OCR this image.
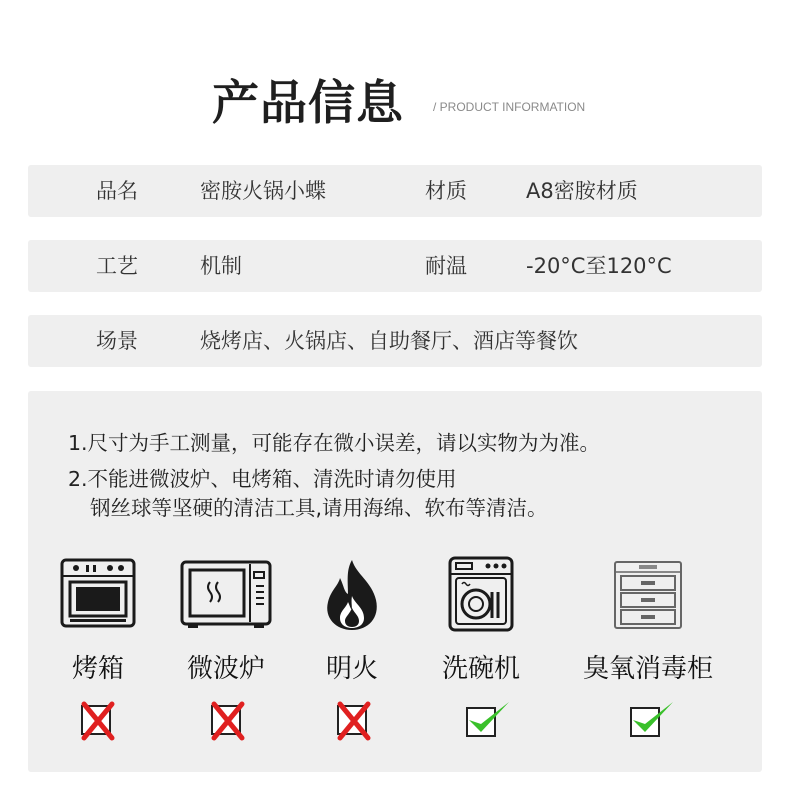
产品信息 / PRODUCT INFORMATION
品名	密胺火锅小蝶	材质	A8密胺材质
工艺	机制	耐温	-20°C至120°C
场景	烧烤店、火锅店、自助餐厅、酒店等餐饮
1.尺寸为手工测量，可能存在微小误差，请以实物为为准。
2.不能进微波炉、电烤箱、清洗时请勿使用
钢丝球等坚硬的清洁工具,请用海绵、软布等清洁。
烤箱	微波炉	明火	洗碗机	臭氧消毒柜
